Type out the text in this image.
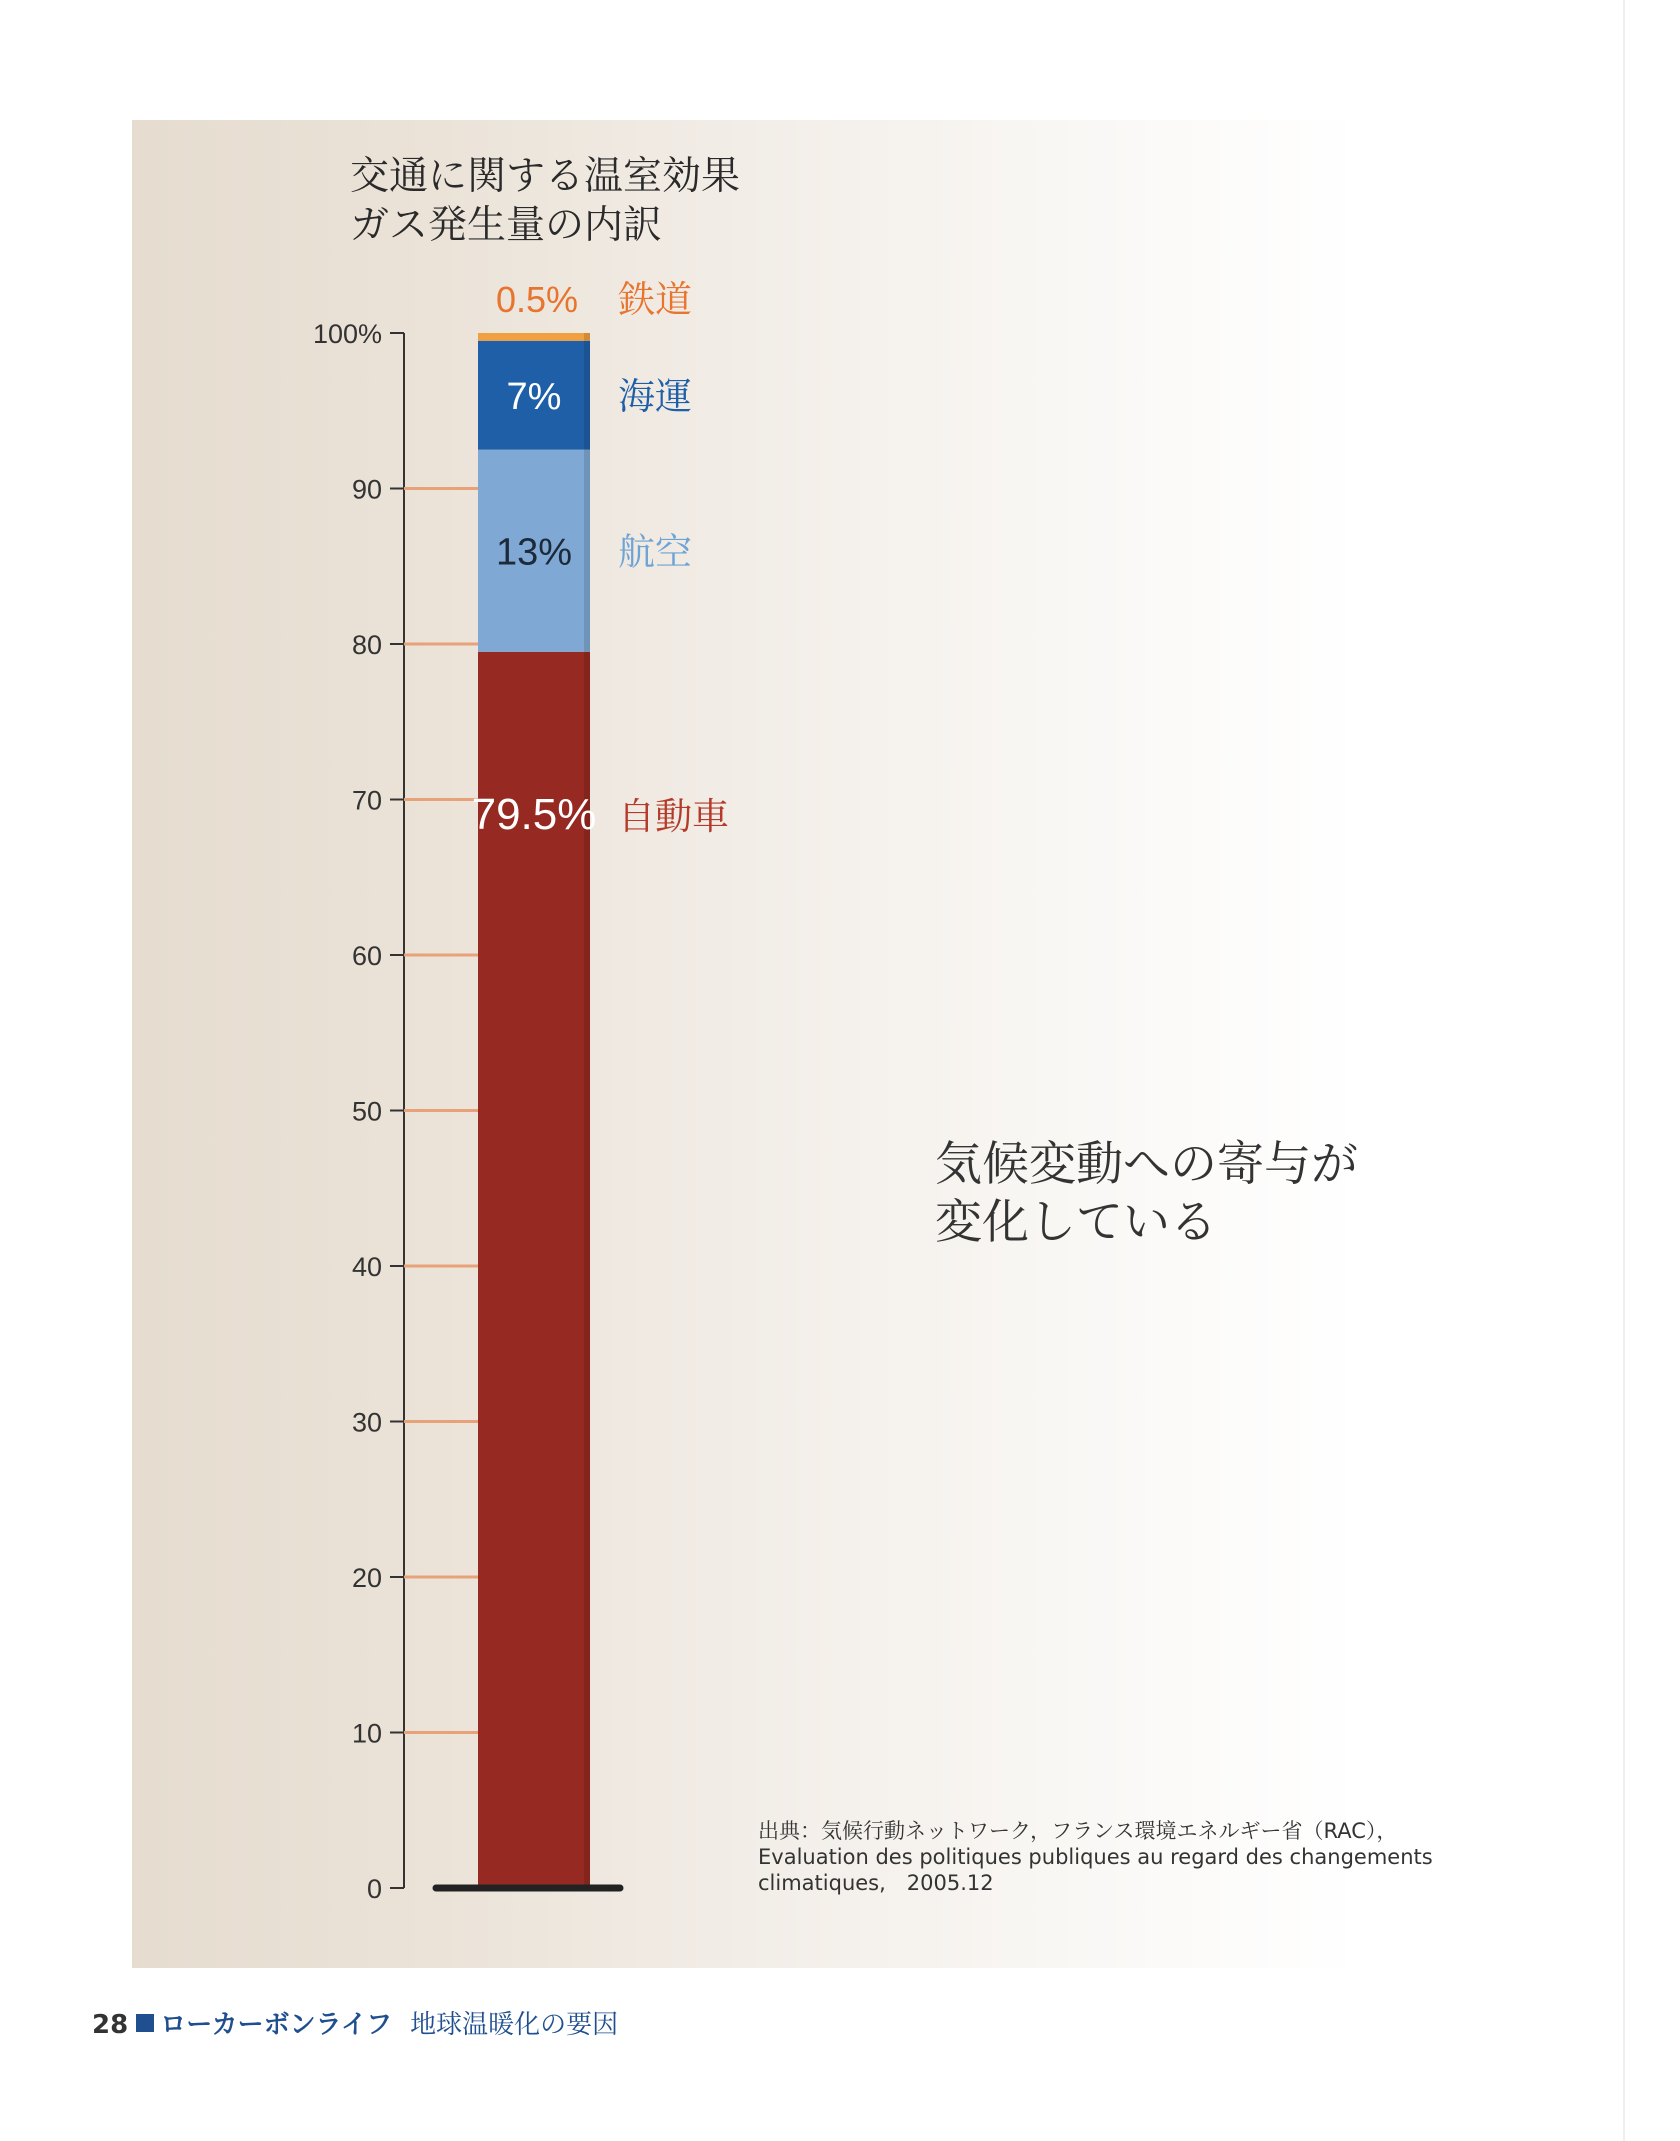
交通に関する温室効果
ガス発生量の内訳
0
10
20
30
40
50
60
70
80
90
100%
79.5% 自動車
13% 航空
7% 海運
0.5% 鉄道
気候変動への寄与が
変化している
出典：気候行動ネットワーク，フランス環境エネルギー省（RAC），
Evaluation des politiques publiques au regard des changements
climatiques,　2005.12
28 ローカーボンライフ 地球温暖化の要因
